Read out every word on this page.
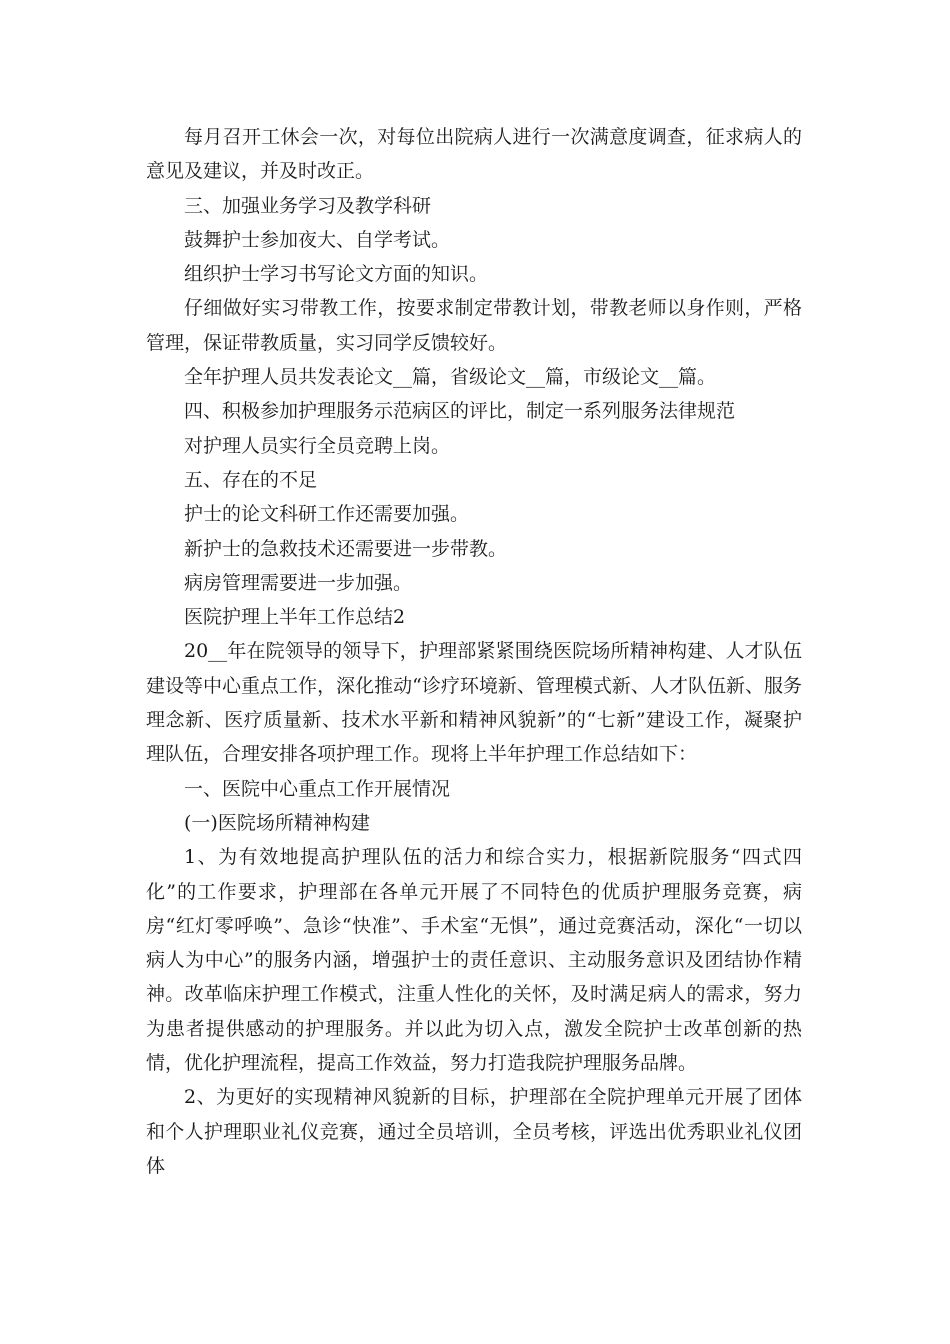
每月召开工休会一次，对每位出院病人进行一次满意度调查，征求病人的意见及建议，并及时改正。

三、加强业务学习及教学科研

鼓舞护士参加夜大、自学考试。

组织护士学习书写论文方面的知识。

仔细做好实习带教工作，按要求制定带教计划，带教老师以身作则，严格管理，保证带教质量，实习同学反馈较好。

全年护理人员共发表论文__篇，省级论文__篇，市级论文__篇。

四、积极参加护理服务示范病区的评比，制定一系列服务法律规范

对护理人员实行全员竞聘上岗。

五、存在的不足

护士的论文科研工作还需要加强。

新护士的急救技术还需要进一步带教。

病房管理需要进一步加强。

医院护理上半年工作总结2

20__年在院领导的领导下，护理部紧紧围绕医院场所精神构建、人才队伍建设等中心重点工作，深化推动“诊疗环境新、管理模式新、人才队伍新、服务理念新、医疗质量新、技术水平新和精神风貌新”的“七新”建设工作，凝聚护理队伍，合理安排各项护理工作。现将上半年护理工作总结如下：

一、医院中心重点工作开展情况

(一)医院场所精神构建

1、为有效地提高护理队伍的活力和综合实力，根据新院服务“四式四化”的工作要求，护理部在各单元开展了不同特色的优质护理服务竞赛，病房“红灯零呼唤”、急诊“快准”、手术室“无惧”，通过竞赛活动，深化“一切以病人为中心”的服务内涵，增强护士的责任意识、主动服务意识及团结协作精神。改革临床护理工作模式，注重人性化的关怀，及时满足病人的需求，努力为患者提供感动的护理服务。并以此为切入点，激发全院护士改革创新的热情，优化护理流程，提高工作效益，努力打造我院护理服务品牌。

2、为更好的实现精神风貌新的目标，护理部在全院护理单元开展了团体和个人护理职业礼仪竞赛，通过全员培训，全员考核，评选出优秀职业礼仪团体
